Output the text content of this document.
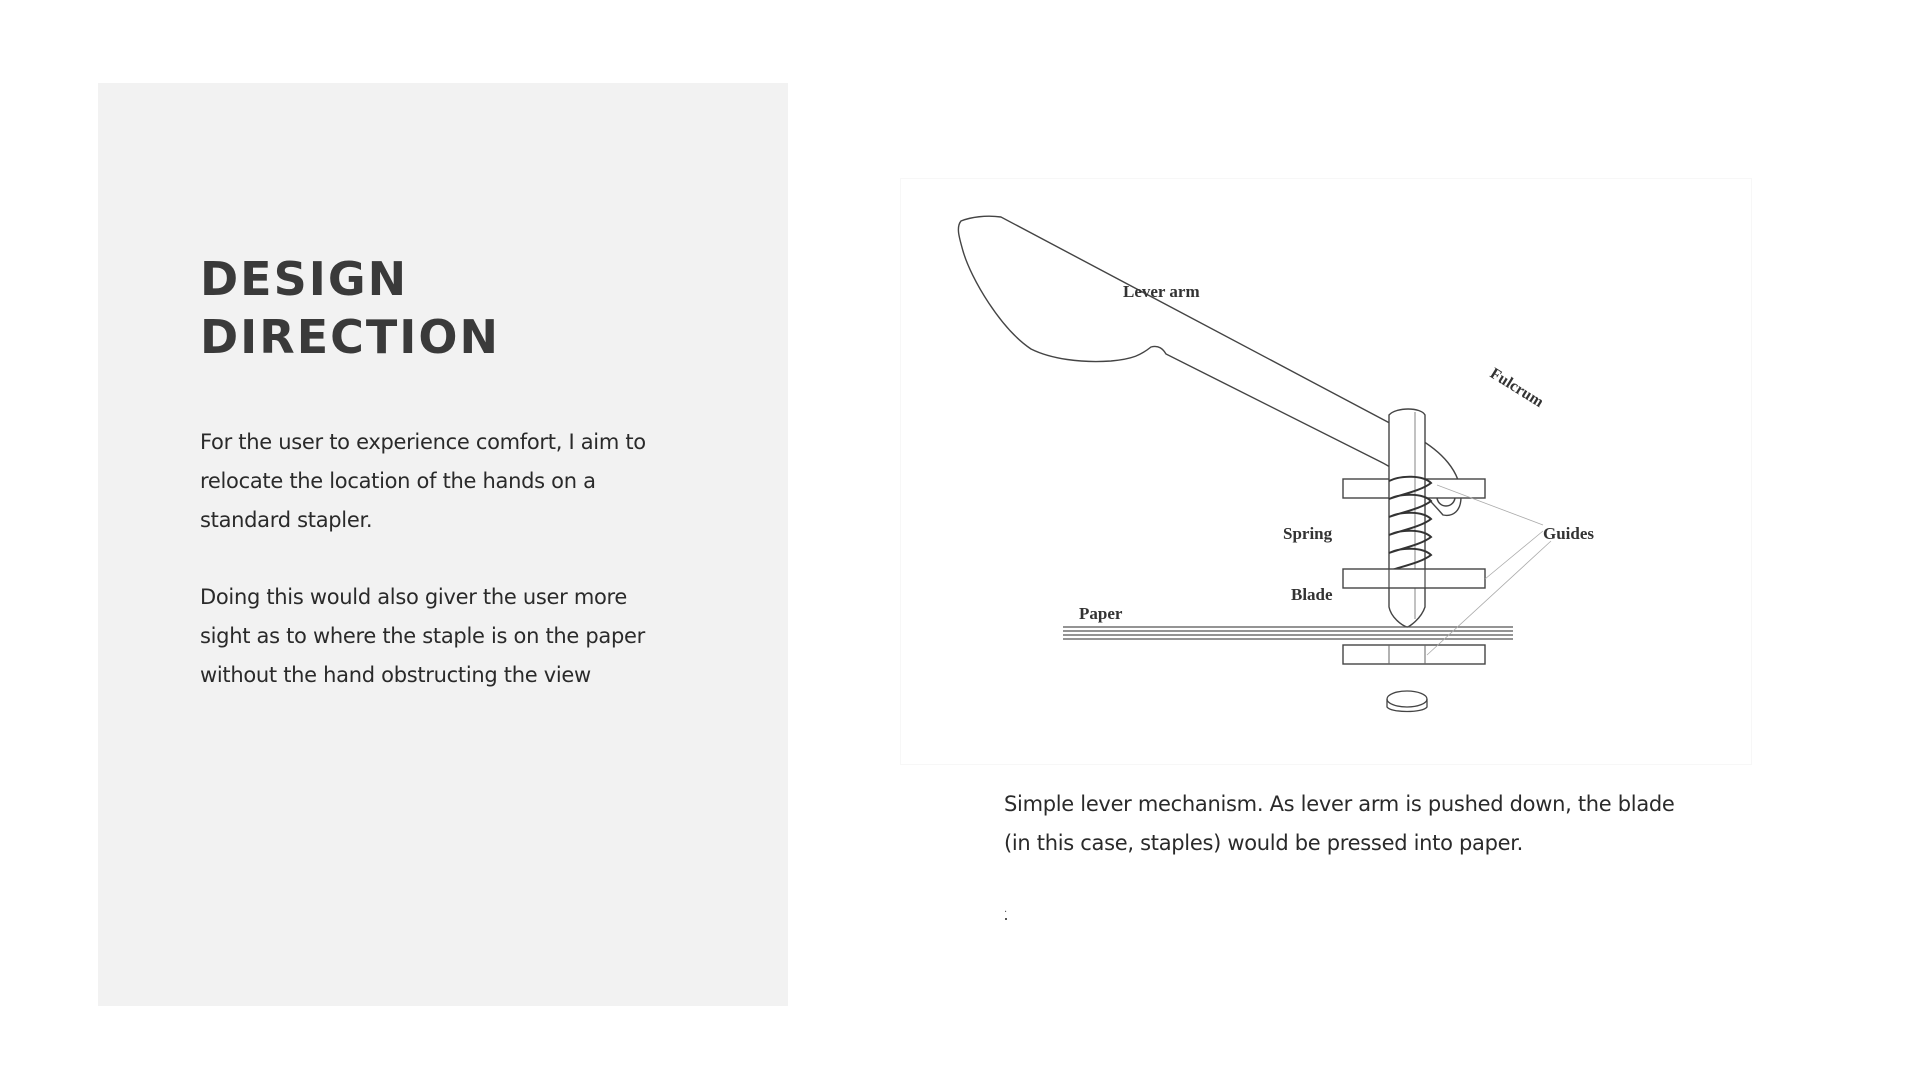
DESIGN
DIRECTION

For the user to experience comfort, I aim to relocate the location of the hands on a standard stapler.

Doing this would also giver the user more sight as to where the staple is on the paper without the hand obstructing the view

Lever arm
Fulcrum
Spring	Guides
Blade
Paper

Simple lever mechanism. As lever arm is pushed down, the blade (in this case, staples) would be pressed into paper.

.
